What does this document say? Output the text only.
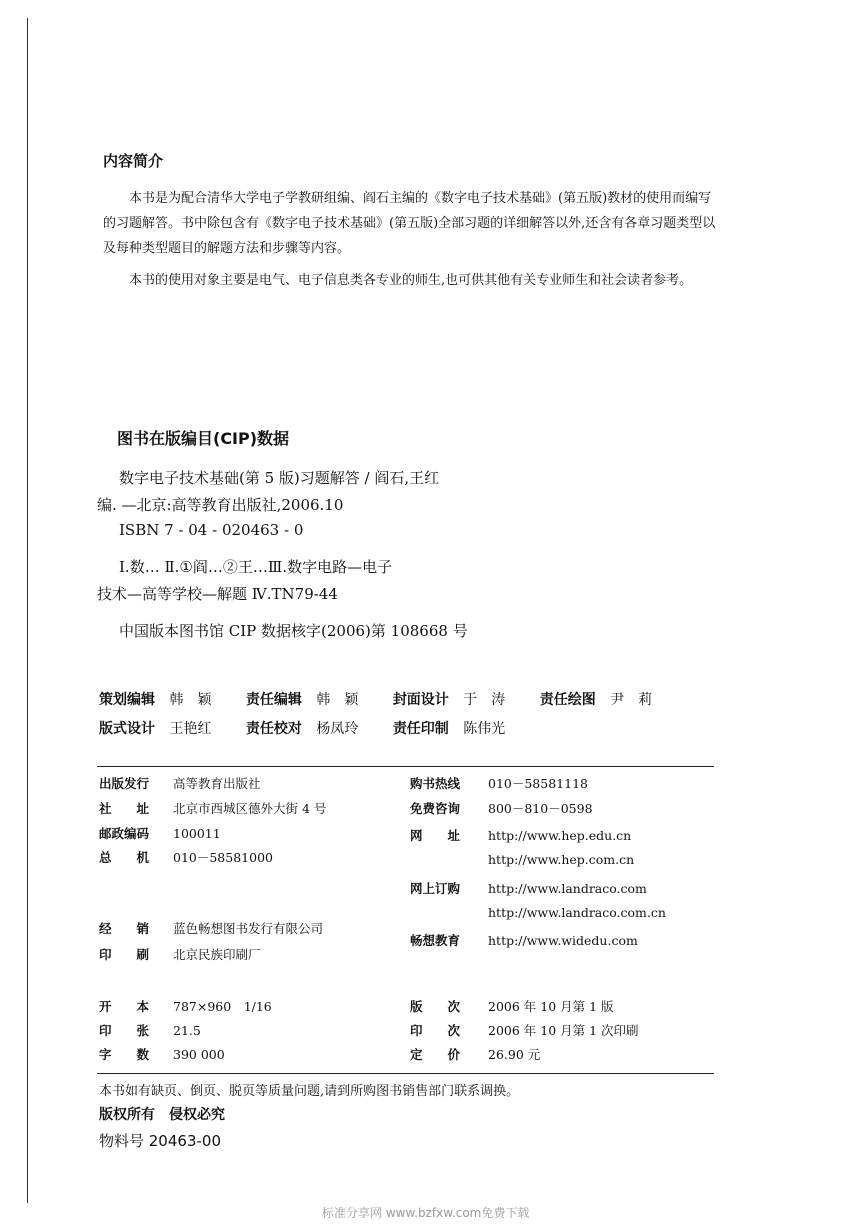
内容简介
本书是为配合清华大学电子学教研组编、阎石主编的《数字电子技术基础》(第五版)教材的使用而编写的习题解答。书中除包含有《数字电子技术基础》(第五版)全部习题的详细解答以外,还含有各章习题类型以及每种类型题目的解题方法和步骤等内容。
本书的使用对象主要是电气、电子信息类各专业的师生,也可供其他有关专业师生和社会读者参考。
图书在版编目(CIP)数据
数字电子技术基础(第 5 版)习题解答 / 阎石,王红
编. —北京:高等教育出版社,2006.10
ISBN 7 - 04 - 020463 - 0
Ⅰ.数… Ⅱ.①阎…②王…Ⅲ.数字电路—电子
技术—高等学校—解题 Ⅳ.TN79-44
中国版本图书馆 CIP 数据核字(2006)第 108668 号
策划编辑 韩　颖 责任编辑 韩　颖 封面设计 于　涛 责任绘图 尹　莉
版式设计 王艳红 责任校对 杨凤玲 责任印制 陈伟光
出版发行 高等教育出版社
社　　址 北京市西城区德外大街 4 号
邮政编码 100011
总　　机 010－58581000
经　　销 蓝色畅想图书发行有限公司
印　　刷 北京民族印刷厂
购书热线 010－58581118
免费咨询 800－810－0598
网　　址 http://www.hep.edu.cn
http://www.hep.com.cn
网上订购 http://www.landraco.com
http://www.landraco.com.cn
畅想教育 http://www.widedu.com
开　　本 787×960　1/16
印　　张 21.5
字　　数 390 000
版　　次 2006 年 10 月第 1 版
印　　次 2006 年 10 月第 1 次印刷
定　　价 26.90 元
本书如有缺页、倒页、脱页等质量问题,请到所购图书销售部门联系调换。
版权所有　侵权必究
物料号 20463-00
标准分享网 www.bzfxw.com免费下载
